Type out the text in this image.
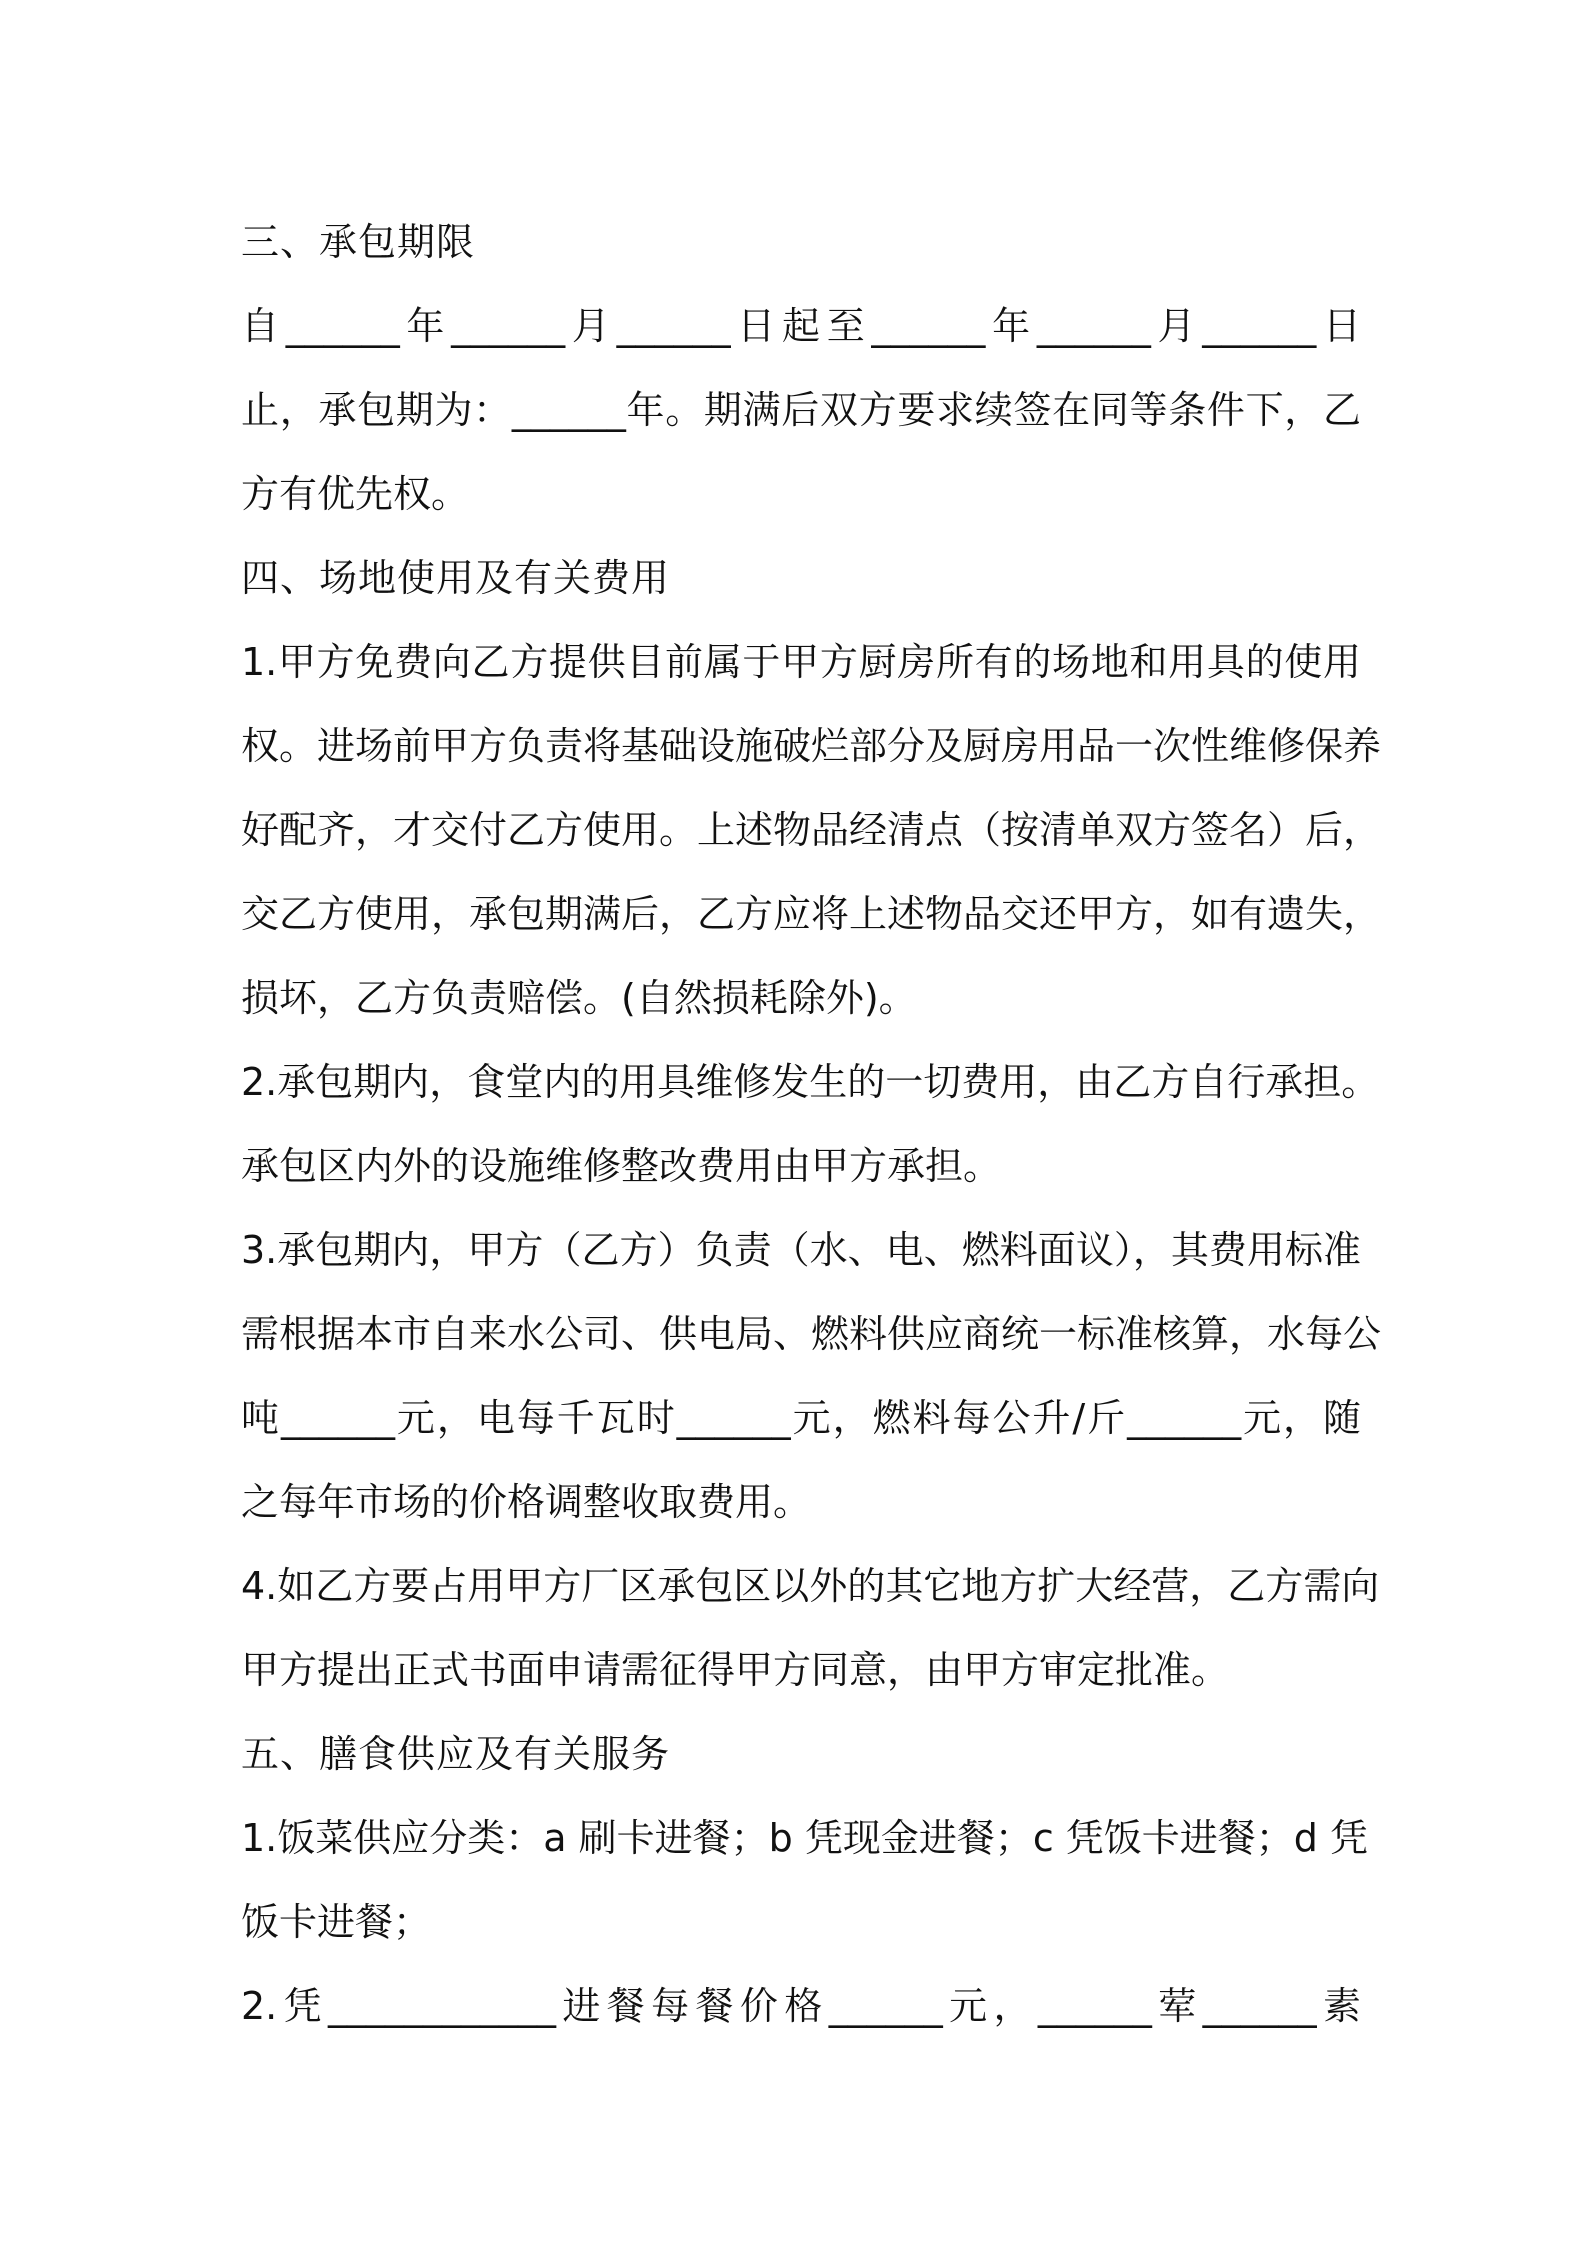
三、承包期限
自______年______月______日起至______年______月______日
止，承包期为：______年。期满后双方要求续签在同等条件下，乙
方有优先权。
四、场地使用及有关费用
1.甲方免费向乙方提供目前属于甲方厨房所有的场地和用具的使用
权。进场前甲方负责将基础设施破烂部分及厨房用品一次性维修保养
好配齐，才交付乙方使用。上述物品经清点（按清单双方签名）后，
交乙方使用，承包期满后，乙方应将上述物品交还甲方，如有遗失，
损坏，乙方负责赔偿。(自然损耗除外)。
2.承包期内，食堂内的用具维修发生的一切费用，由乙方自行承担。
承包区内外的设施维修整改费用由甲方承担。
3.承包期内，甲方（乙方）负责（水、电、燃料面议），其费用标准
需根据本市自来水公司、供电局、燃料供应商统一标准核算，水每公
吨______元，电每千瓦时______元，燃料每公升/斤______元，随
之每年市场的价格调整收取费用。
4.如乙方要占用甲方厂区承包区以外的其它地方扩大经营，乙方需向
甲方提出正式书面申请需征得甲方同意，由甲方审定批准。
五、膳食供应及有关服务
1.饭菜供应分类：a 刷卡进餐；b 凭现金进餐；c 凭饭卡进餐；d 凭
饭卡进餐；
2.凭____________进餐每餐价格______元，______荤______素
